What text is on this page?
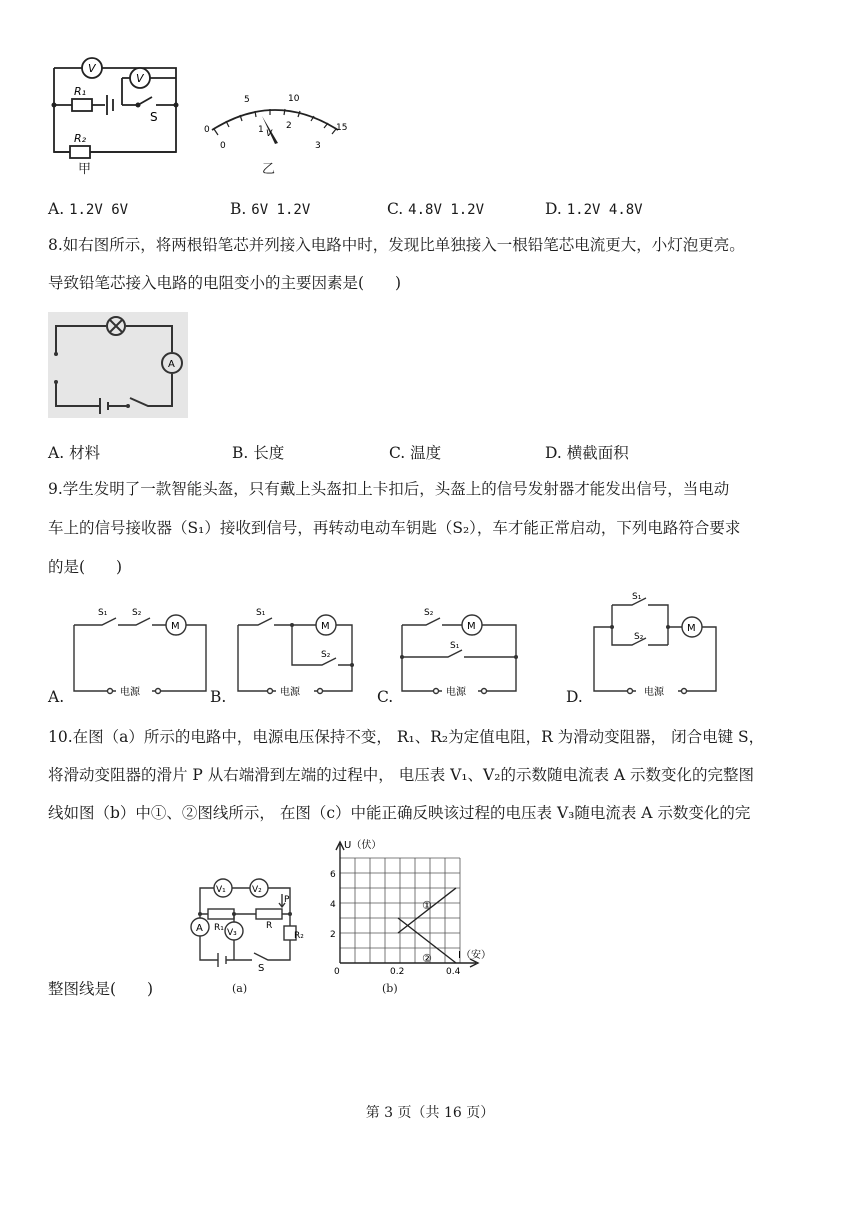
V
V
R₁
S
R₂
甲
0
5	10
15
0
1 2
3
V
乙
A. 1.2V 6V	B. 6V 1.2V	C. 4.8V 1.2V	D. 1.2V 4.8V
8.如右图所示，将两根铅笔芯并列接入电路中时，发现比单独接入一根铅笔芯电流更大，小灯泡更亮。
导致铅笔芯接入电路的电阻变小的主要因素是(　　)
A
A. 材料	B. 长度	C. 温度	D. 横截面积
9.学生发明了一款智能头盔，只有戴上头盔扣上卡扣后，头盔上的信号发射器才能发出信号，当电动
车上的信号接收器（S₁）接收到信号，再转动电动车钥匙（S₂），车才能正常启动，下列电路符合要求
的是(　　)
S₁	S₂
M
电源
A.
S₁
S₂
M
电源
B.
S₂
S₁
M
电源
C.
S₁
S₂
M
电源
D.
10.在图（a）所示的电路中，电源电压保持不变， R₁、R₂为定值电阻，R 为滑动变阻器， 闭合电键 S，
将滑动变阻器的滑片 P 从右端滑到左端的过程中， 电压表 V₁、V₂的示数随电流表 A 示数变化的完整图
线如图（b）中①、②图线所示， 在图（c）中能正确反映该过程的电压表 V₃随电流表 A 示数变化的完
V₁	V₂
P
A R₁	R
R₂
V₃
S
(a)
U（伏）
I（安）
2
4
6
0	0.2	0.4
①
②
(b)
整图线是(　　)
第 3 页（共 16 页）
